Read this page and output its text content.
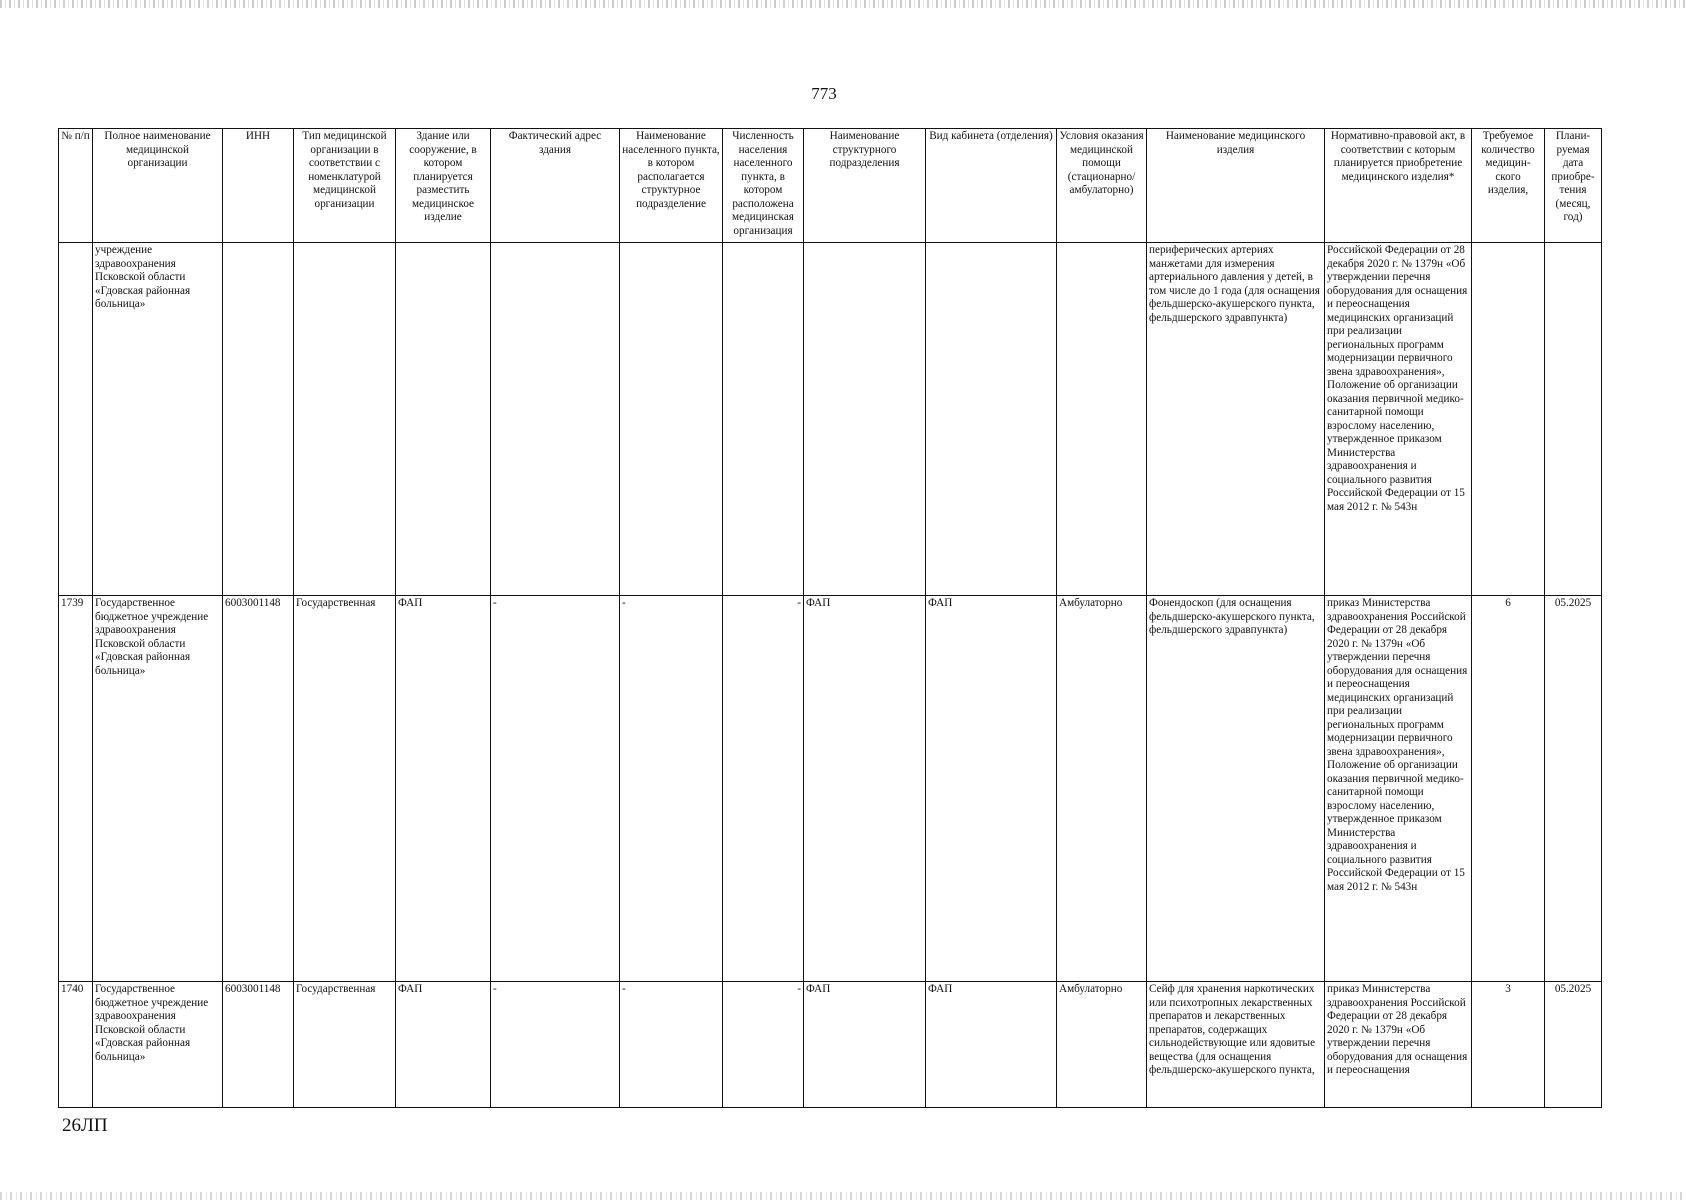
773
№ п/п	Полное наименование медицинской организации	ИНН	Тип медицинской организации в соответствии с номенклатурой медицинской организации	Здание или сооружение, в котором планируется разместить медицинское изделие	Фактический адрес здания	Наименование населенного пункта, в котором располагается структурное подразделение	Численность населения населенного пункта, в котором расположена медицинская организация	Наименование структурного подразделения	Вид кабинета (отделения)	Условия оказания медицинской помощи (стационарно/ амбулаторно)	Наименование медицинского изделия	Нормативно-правовой акт, в соответствии с которым планируется приобретение медицинского изделия*	Требуемое количество медицин-ского изделия,	Плани-руемая дата приобре-тения (месяц, год)
	учреждение здравоохранения Псковской области «Гдовская районная больница»										периферических артериях манжетами для измерения артериального давления у детей, в том числе до 1 года (для оснащения фельдшерско-акушерского пункта, фельдшерского здравпункта)	Российской Федерации от 28 декабря 2020 г. № 1379н «Об утверждении перечня оборудования для оснащения и переоснащения медицинских организаций при реализации региональных программ модернизации первичного звена здравоохранения», Положение об организации оказания первичной медико-санитарной помощи взрослому населению, утвержденное приказом Министерства здравоохранения и социального развития Российской Федерации от 15 мая 2012 г. № 543н		
1739	Государственное бюджетное учреждение здравоохранения Псковской области «Гдовская районная больница»	6003001148	Государственная	ФАП	-	-	-	ФАП	ФАП	Амбулаторно	Фонендоскоп (для оснащения фельдшерско-акушерского пункта, фельдшерского здравпункта)	приказ Министерства здравоохранения Российской Федерации от 28 декабря 2020 г. № 1379н «Об утверждении перечня оборудования для оснащения и переоснащения медицинских организаций при реализации региональных программ модернизации первичного звена здравоохранения», Положение об организации оказания первичной медико-санитарной помощи взрослому населению, утвержденное приказом Министерства здравоохранения и социального развития Российской Федерации от 15 мая 2012 г. № 543н	6	05.2025
1740	Государственное бюджетное учреждение здравоохранения Псковской области «Гдовская районная больница»	6003001148	Государственная	ФАП	-	-	-	ФАП	ФАП	Амбулаторно	Сейф для хранения наркотических или психотропных лекарственных препаратов и лекарственных препаратов, содержащих сильнодействующие или ядовитые вещества (для оснащения фельдшерско-акушерского пункта,	приказ Министерства здравоохранения Российской Федерации от 28 декабря 2020 г. № 1379н «Об утверждении перечня оборудования для оснащения и переоснащения	3	05.2025
26ЛП
